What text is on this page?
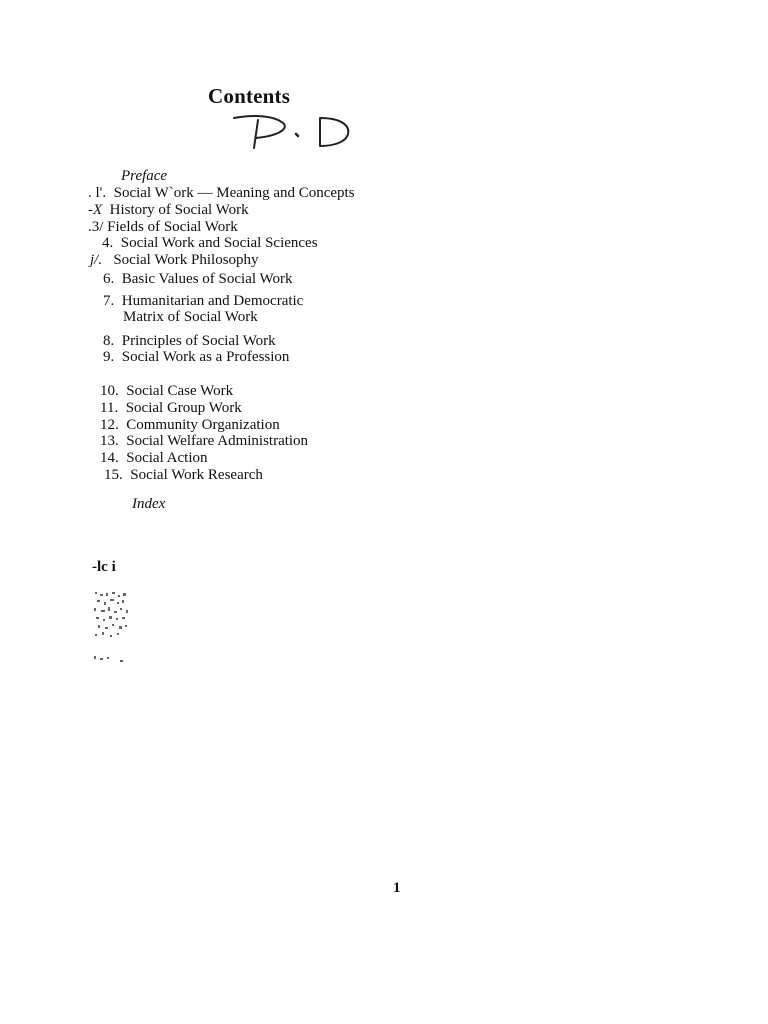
Contents
Preface
. l'. Social W`ork — Meaning and Concepts
-X History of Social Work
.3/ Fields of Social Work
4. Social Work and Social Sciences
j/. Social Work Philosophy
6. Basic Values of Social Work
7. Humanitarian and Democratic
Matrix of Social Work
8. Principles of Social Work
9. Social Work as a Profession
10. Social Case Work
11. Social Group Work
12. Community Organization
13. Social Welfare Administration
14. Social Action
15. Social Work Research
Index
-lc i
1
